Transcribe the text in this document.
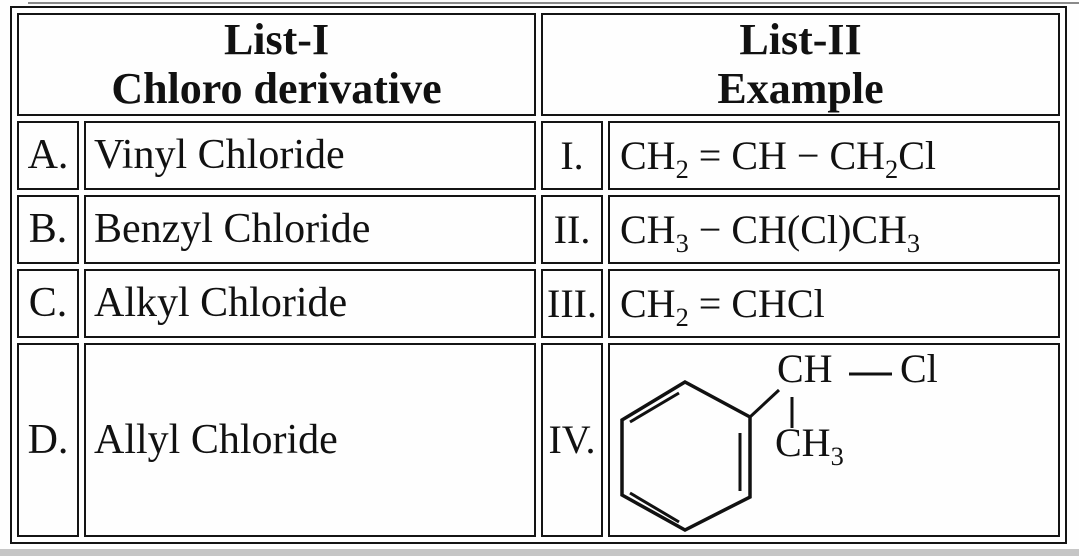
List-I
Chloro derivative

List-II
Example

A.	Vinyl Chloride	I.	$CH_2$ = CH − $CH_2Cl$
B.	Benzyl Chloride	II.	$CH_3 - CH(Cl)CH_3$
C.	Alkyl Chloride	III.	$CH_2$ = CHCl
D.	Allyl Chloride	IV.	CH Cl
$CH_3$
